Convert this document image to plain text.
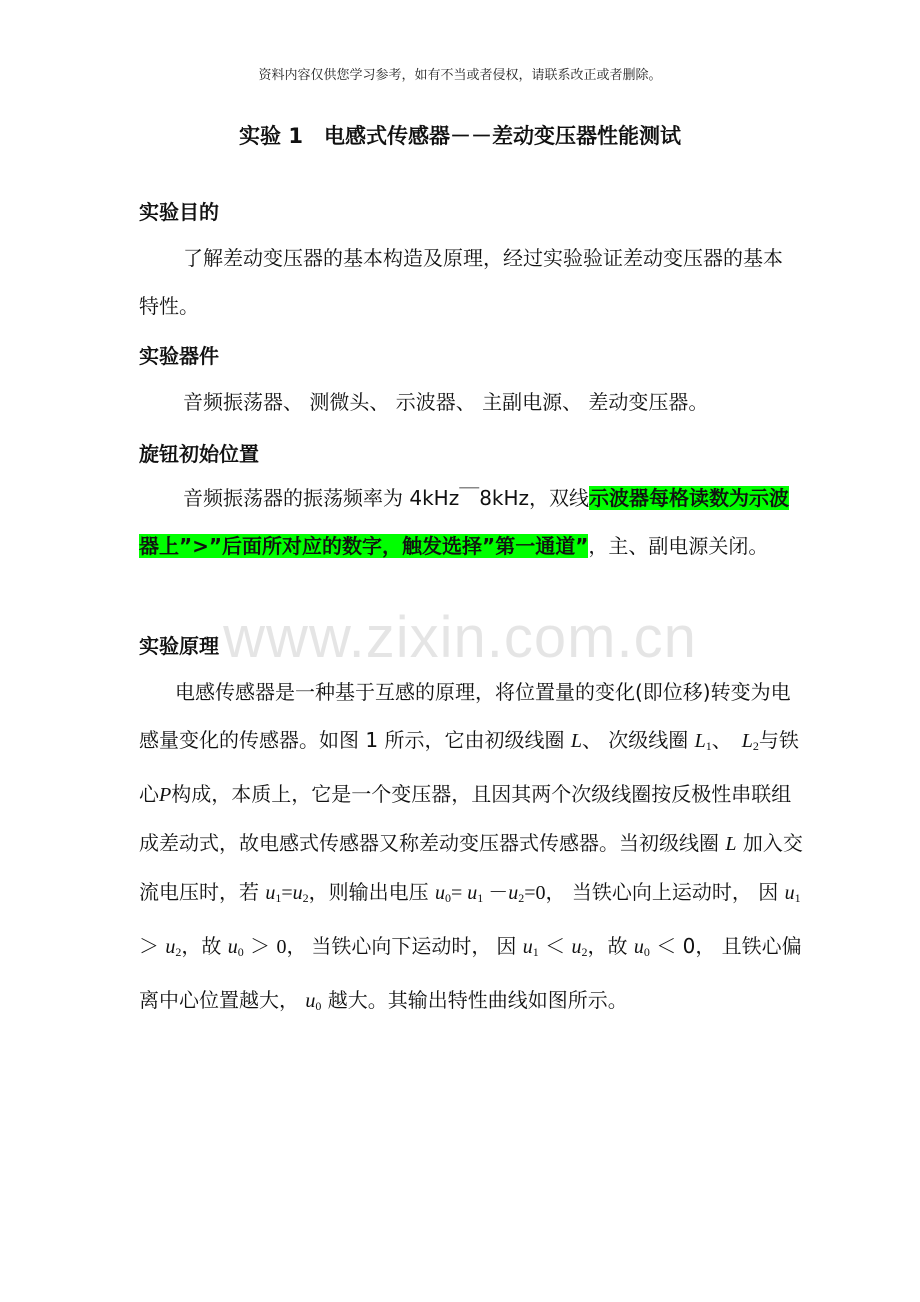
资料内容仅供您学习参考，如有不当或者侵权，请联系改正或者删除。
实验 1　电感式传感器－－差动变压器性能测试
实验目的

了解差动变压器的基本构造及原理，经过实验验证差动变压器的基本特性。

实验器件

音频振荡器、 测微头、 示波器、 主副电源、 差动变压器。

旋钮初始位置

音频振荡器的振荡频率为 4kHz￣8kHz，双线示波器每格读数为示波器上”>”后面所对应的数字，触发选择”第一通道”，主、副电源关闭。

实验原理

电感传感器是一种基于互感的原理，将位置量的变化(即位移)转变为电感量变化的传感器。如图 1 所示，它由初级线圈 L、 次级线圈 $L_1$、　 $L_2$与铁心P构成，本质上，它是一个变压器，且因其两个次级线圈按反极性串联组成差动式，故电感式传感器又称差动变压器式传感器。当初级线圈 L 加入交流电压时，若 $u_1=u_2$，则输出电压 $u_0= u_1 -u_2=0$， 当铁心向上运动时， 因 $u_1 > u_2$，故 $u_0 > 0$， 当铁心向下运动时， 因 $u_1 < u_2$，故 $u_0 < 0$， 且铁心偏离中心位置越大， $u_0$ 越大。其输出特性曲线如图所示。

www.zixin.com.cn
